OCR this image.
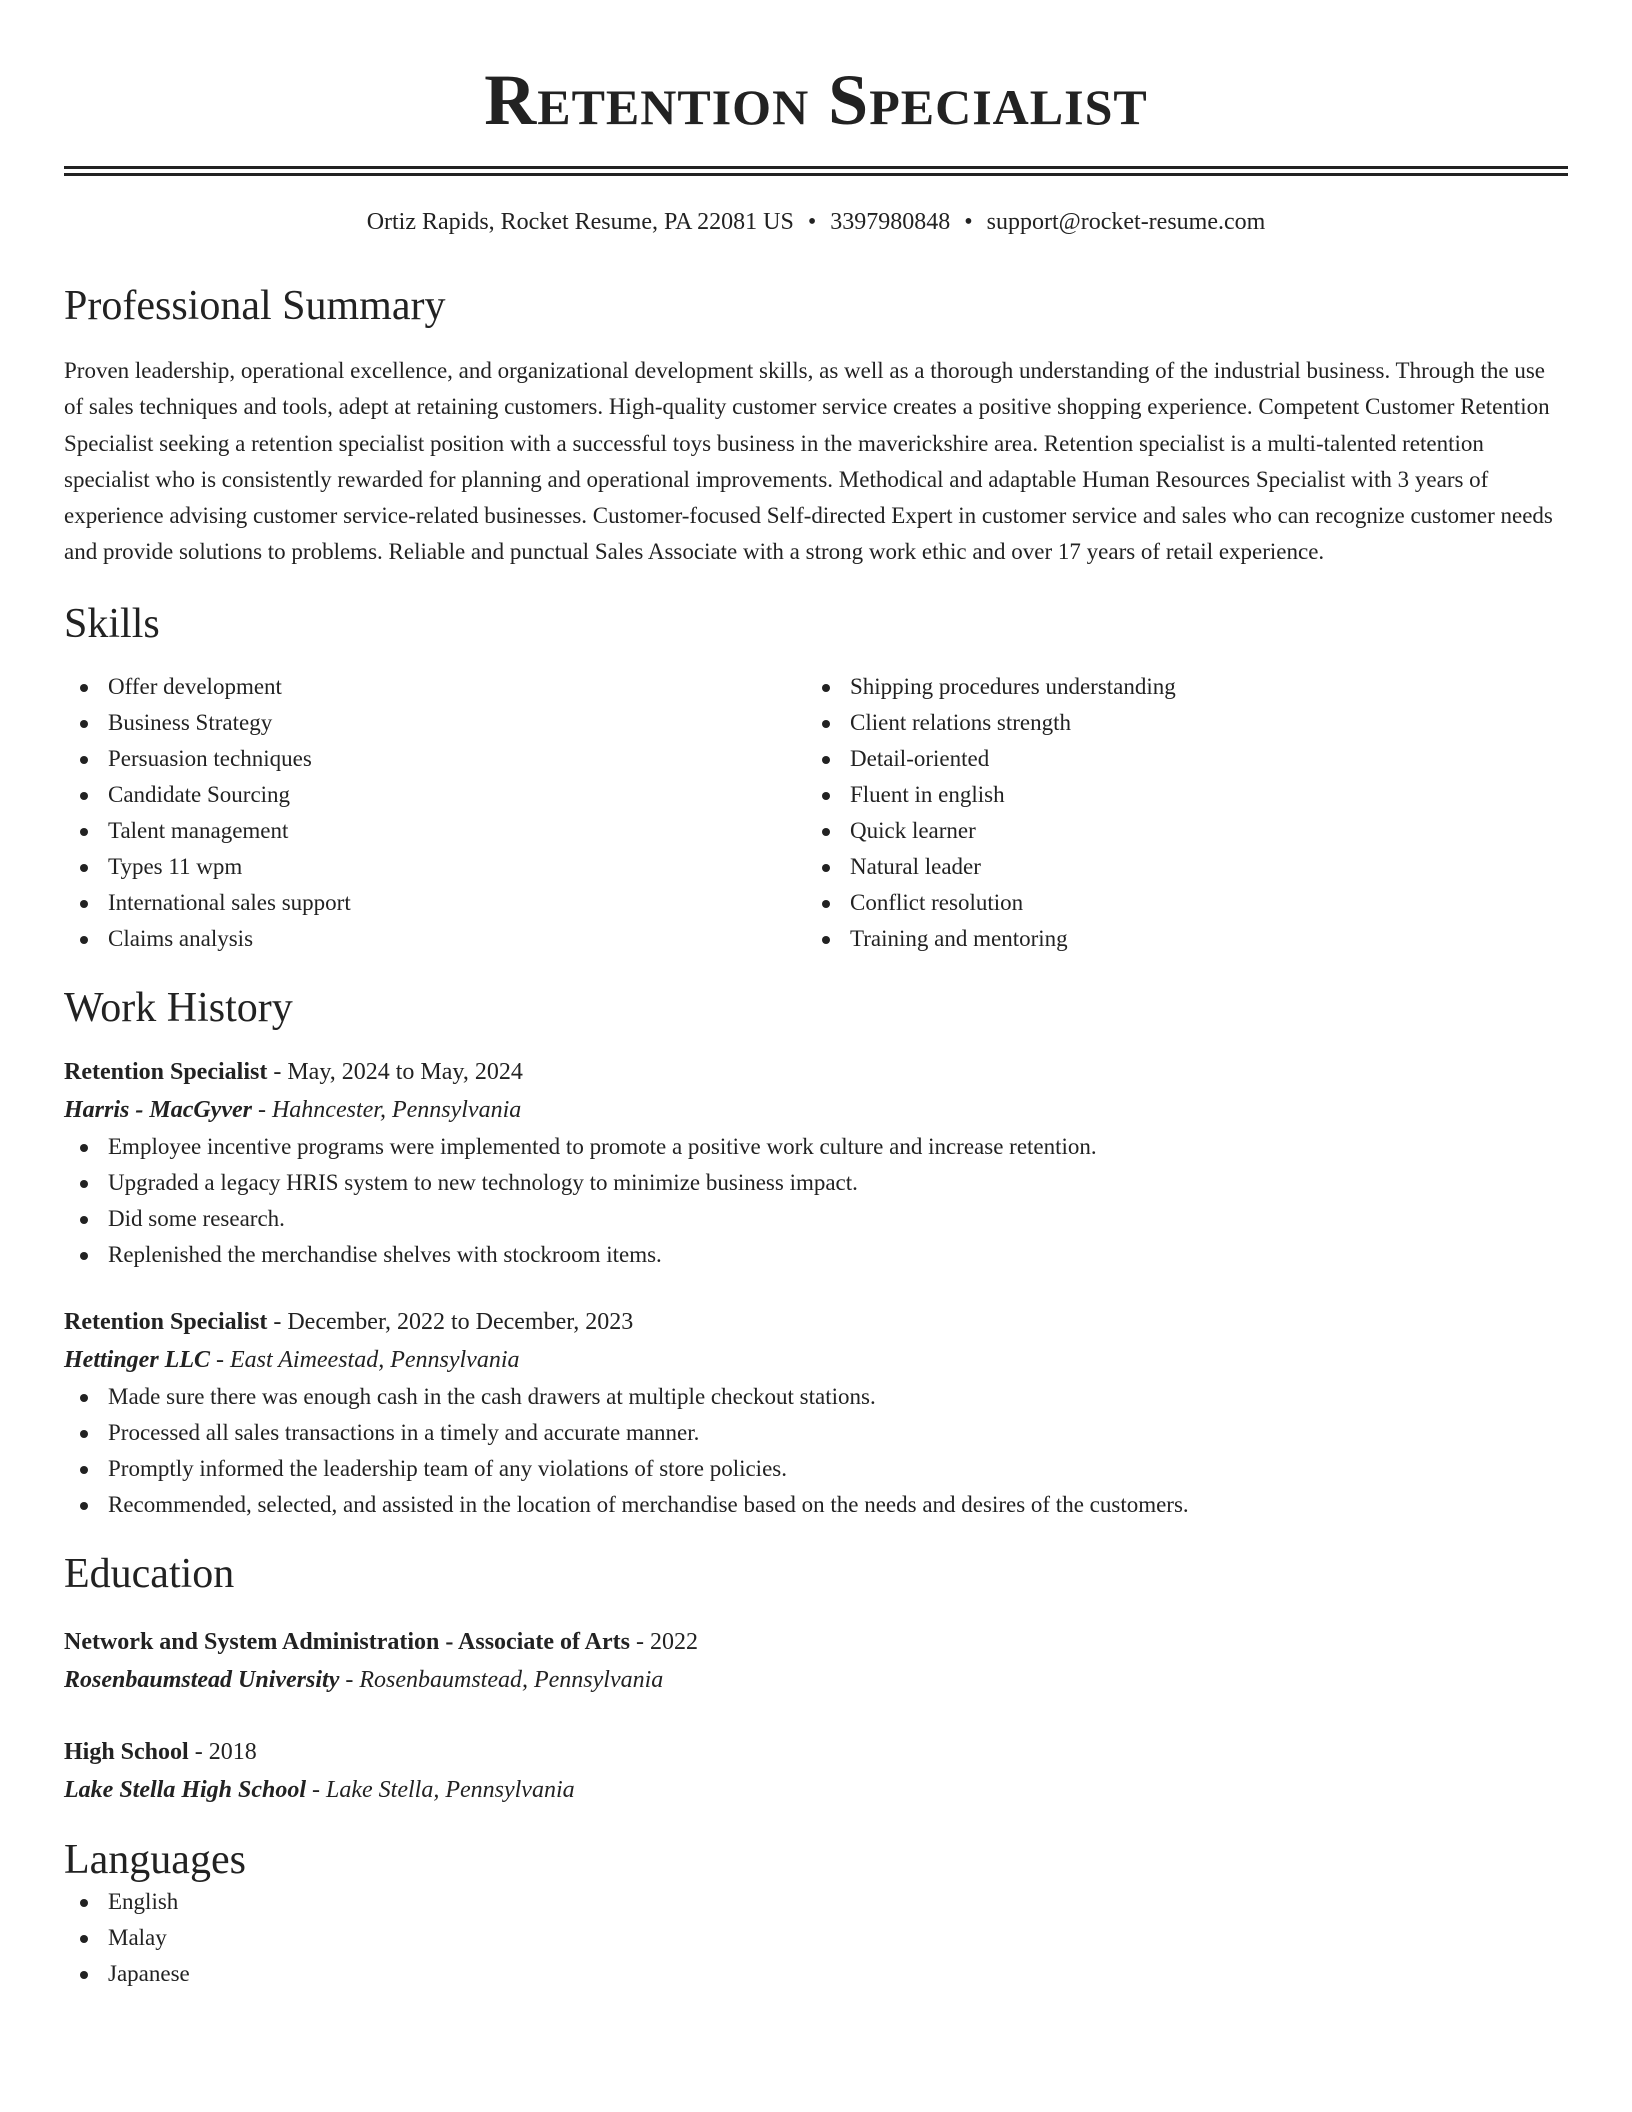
Retention Specialist
Ortiz Rapids, Rocket Resume, PA 22081 US • 3397980848 • support@rocket-resume.com
Professional Summary
Proven leadership, operational excellence, and organizational development skills, as well as a thorough understanding of the industrial business. Through the use of sales techniques and tools, adept at retaining customers. High-quality customer service creates a positive shopping experience. Competent Customer Retention Specialist seeking a retention specialist position with a successful toys business in the maverickshire area. Retention specialist is a multi-talented retention specialist who is consistently rewarded for planning and operational improvements. Methodical and adaptable Human Resources Specialist with 3 years of experience advising customer service-related businesses. Customer-focused Self-directed Expert in customer service and sales who can recognize customer needs and provide solutions to problems. Reliable and punctual Sales Associate with a strong work ethic and over 17 years of retail experience.
Skills
Offer development
Business Strategy
Persuasion techniques
Candidate Sourcing
Talent management
Types 11 wpm
International sales support
Claims analysis
Shipping procedures understanding
Client relations strength
Detail-oriented
Fluent in english
Quick learner
Natural leader
Conflict resolution
Training and mentoring
Work History
Retention Specialist - May, 2024 to May, 2024
Harris - MacGyver - Hahncester, Pennsylvania
Employee incentive programs were implemented to promote a positive work culture and increase retention.
Upgraded a legacy HRIS system to new technology to minimize business impact.
Did some research.
Replenished the merchandise shelves with stockroom items.
Retention Specialist - December, 2022 to December, 2023
Hettinger LLC - East Aimeestad, Pennsylvania
Made sure there was enough cash in the cash drawers at multiple checkout stations.
Processed all sales transactions in a timely and accurate manner.
Promptly informed the leadership team of any violations of store policies.
Recommended, selected, and assisted in the location of merchandise based on the needs and desires of the customers.
Education
Network and System Administration - Associate of Arts - 2022
Rosenbaumstead University - Rosenbaumstead, Pennsylvania
High School - 2018
Lake Stella High School - Lake Stella, Pennsylvania
Languages
English
Malay
Japanese
